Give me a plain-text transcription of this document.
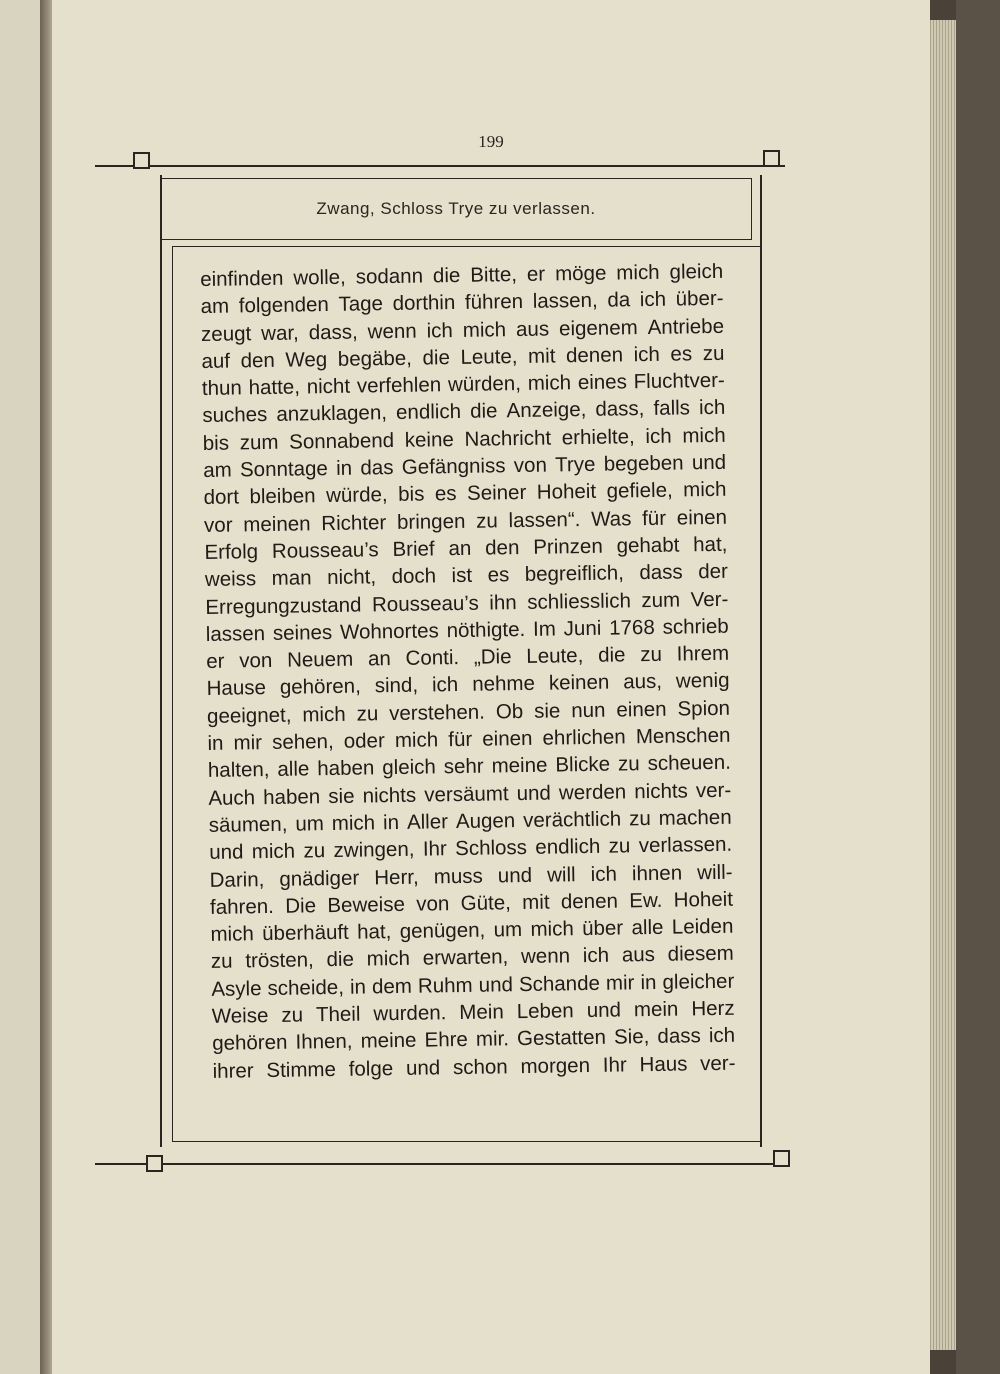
199
Zwang, Schloss Trye zu verlassen.
einfinden wolle, sodann die Bitte, er möge mich gleich
am folgenden Tage dorthin führen lassen, da ich über-
zeugt war, dass, wenn ich mich aus eigenem Antriebe
auf den Weg begäbe, die Leute, mit denen ich es zu
thun hatte, nicht verfehlen würden, mich eines Fluchtver-
suches anzuklagen, endlich die Anzeige, dass, falls ich
bis zum Sonnabend keine Nachricht erhielte, ich mich
am Sonntage in das Gefängniss von Trye begeben und
dort bleiben würde, bis es Seiner Hoheit gefiele, mich
vor meinen Richter bringen zu lassen“. Was für einen
Erfolg Rousseau’s Brief an den Prinzen gehabt hat,
weiss man nicht, doch ist es begreiflich, dass der
Erregungzustand Rousseau’s ihn schliesslich zum Ver-
lassen seines Wohnortes nöthigte. Im Juni 1768 schrieb
er von Neuem an Conti. „Die Leute, die zu Ihrem
Hause gehören, sind, ich nehme keinen aus, wenig
geeignet, mich zu verstehen. Ob sie nun einen Spion
in mir sehen, oder mich für einen ehrlichen Menschen
halten, alle haben gleich sehr meine Blicke zu scheuen.
Auch haben sie nichts versäumt und werden nichts ver-
säumen, um mich in Aller Augen verächtlich zu machen
und mich zu zwingen, Ihr Schloss endlich zu verlassen.
Darin, gnädiger Herr, muss und will ich ihnen will-
fahren. Die Beweise von Güte, mit denen Ew. Hoheit
mich überhäuft hat, genügen, um mich über alle Leiden
zu trösten, die mich erwarten, wenn ich aus diesem
Asyle scheide, in dem Ruhm und Schande mir in gleicher
Weise zu Theil wurden. Mein Leben und mein Herz
gehören Ihnen, meine Ehre mir. Gestatten Sie, dass ich
ihrer Stimme folge und schon morgen Ihr Haus ver-
